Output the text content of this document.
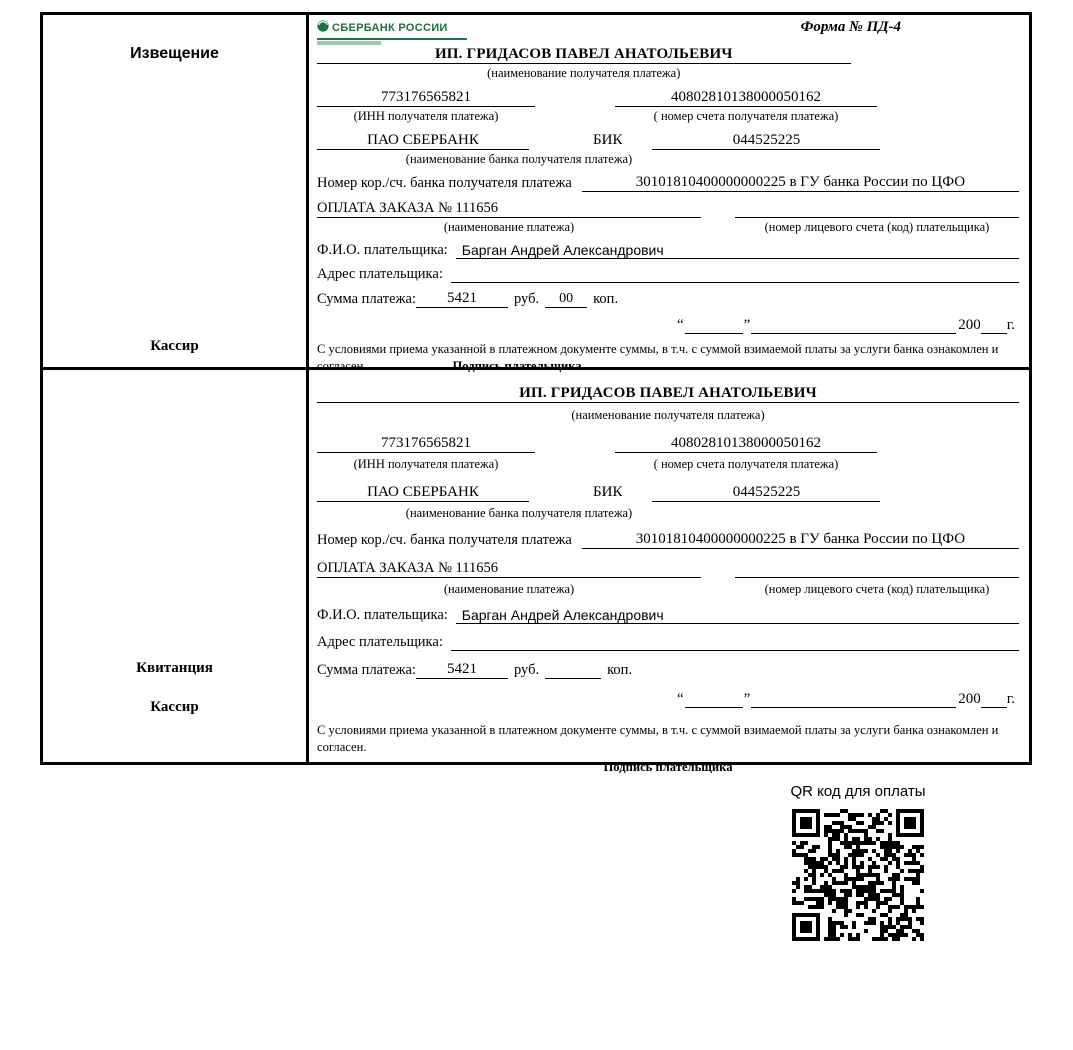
Извещение
Кассир
СБЕРБАНК РОССИИ	Форма № ПД-4
ИП. ГРИДАСОВ ПАВЕЛ АНАТОЛЬЕВИЧ
(наименование получателя платежа)
773176565821	40802810138000050162
(ИНН получателя платежа)	( номер счета получателя платежа)
ПАО СБЕРБАНК	БИК	044525225
(наименование банка получателя платежа)
Номер кор./сч. банка получателя платежа	30101810400000000225 в ГУ банка России по ЦФО
ОПЛАТА ЗАКАЗА № 111656
(наименование платежа)	(номер лицевого счета (код) плательщика)
Ф.И.О. плательщика:	Барган Андрей Александрович
Адрес плательщика:
Сумма платежа:	5421	руб.	00	коп.
“	”	200 г.
С условиями приема указанной в платежном документе суммы, в т.ч. с суммой взимаемой платы за услуги банка ознакомлен и согласен.	Подпись плательщика
Квитанция
Кассир
ИП. ГРИДАСОВ ПАВЕЛ АНАТОЛЬЕВИЧ
(наименование получателя платежа)
773176565821	40802810138000050162
(ИНН получателя платежа)	( номер счета получателя платежа)
ПАО СБЕРБАНК	БИК	044525225
(наименование банка получателя платежа)
Номер кор./сч. банка получателя платежа	30101810400000000225 в ГУ банка России по ЦФО
ОПЛАТА ЗАКАЗА № 111656
(наименование платежа)	(номер лицевого счета (код) плательщика)
Ф.И.О. плательщика:	Барган Андрей Александрович
Адрес плательщика:
Сумма платежа:	5421	руб.	коп.
“	”	200 г.
С условиями приема указанной в платежном документе суммы, в т.ч. с суммой взимаемой платы за услуги банка ознакомлен и согласен.
Подпись плательщика
QR код для оплаты
